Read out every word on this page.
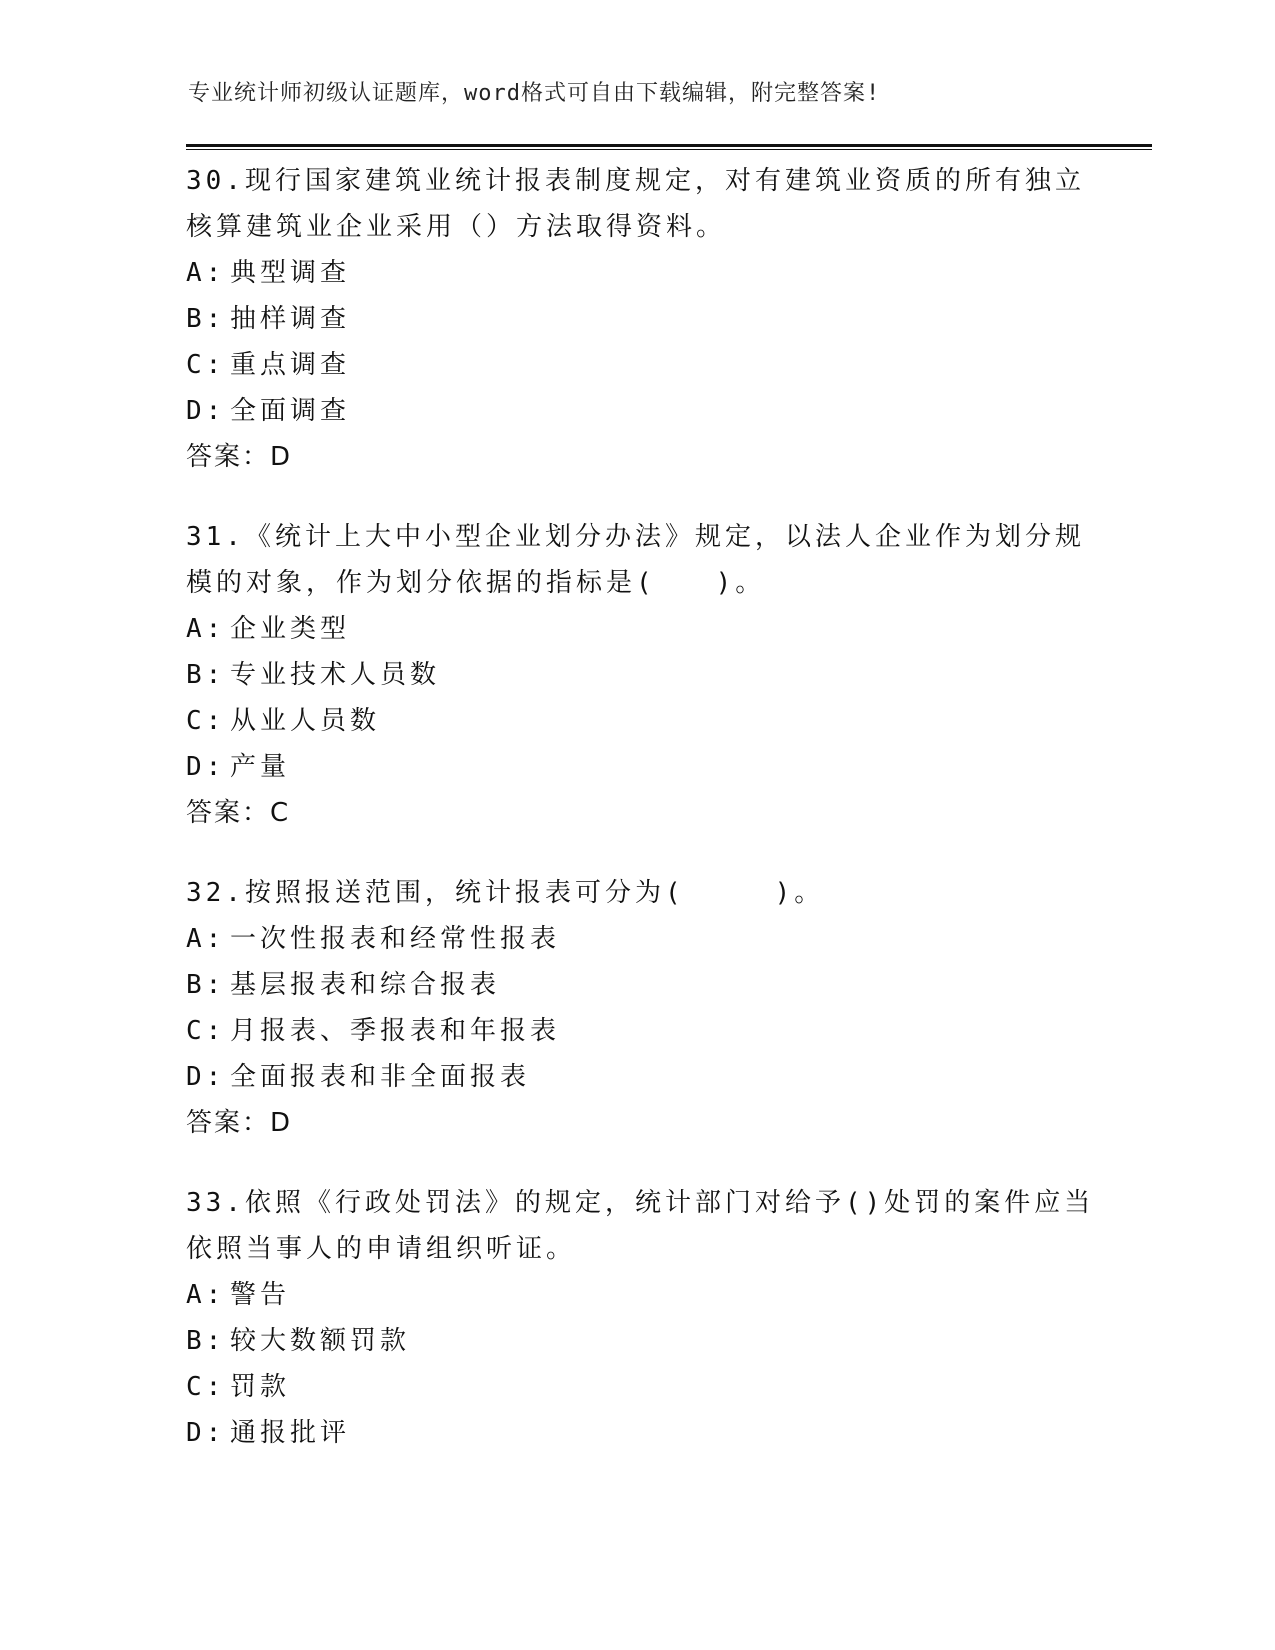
专业统计师初级认证题库，word格式可自由下载编辑，附完整答案!

30.现行国家建筑业统计报表制度规定，对有建筑业资质的所有独立核算建筑业企业采用（）方法取得资料。

A: 典型调查
B: 抽样调查
C: 重点调查
D: 全面调查
答案：D

31.《统计上大中小型企业划分办法》规定，以法人企业作为划分规模的对象，作为划分依据的指标是(　　)。

A: 企业类型
B: 专业技术人员数
C: 从业人员数
D: 产量
答案：C

32.按照报送范围，统计报表可分为(　　　)。

A: 一次性报表和经常性报表
B: 基层报表和综合报表
C: 月报表、季报表和年报表
D: 全面报表和非全面报表
答案：D

33.依照《行政处罚法》的规定，统计部门对给予()处罚的案件应当依照当事人的申请组织听证。

A: 警告
B: 较大数额罚款
C: 罚款
D: 通报批评
